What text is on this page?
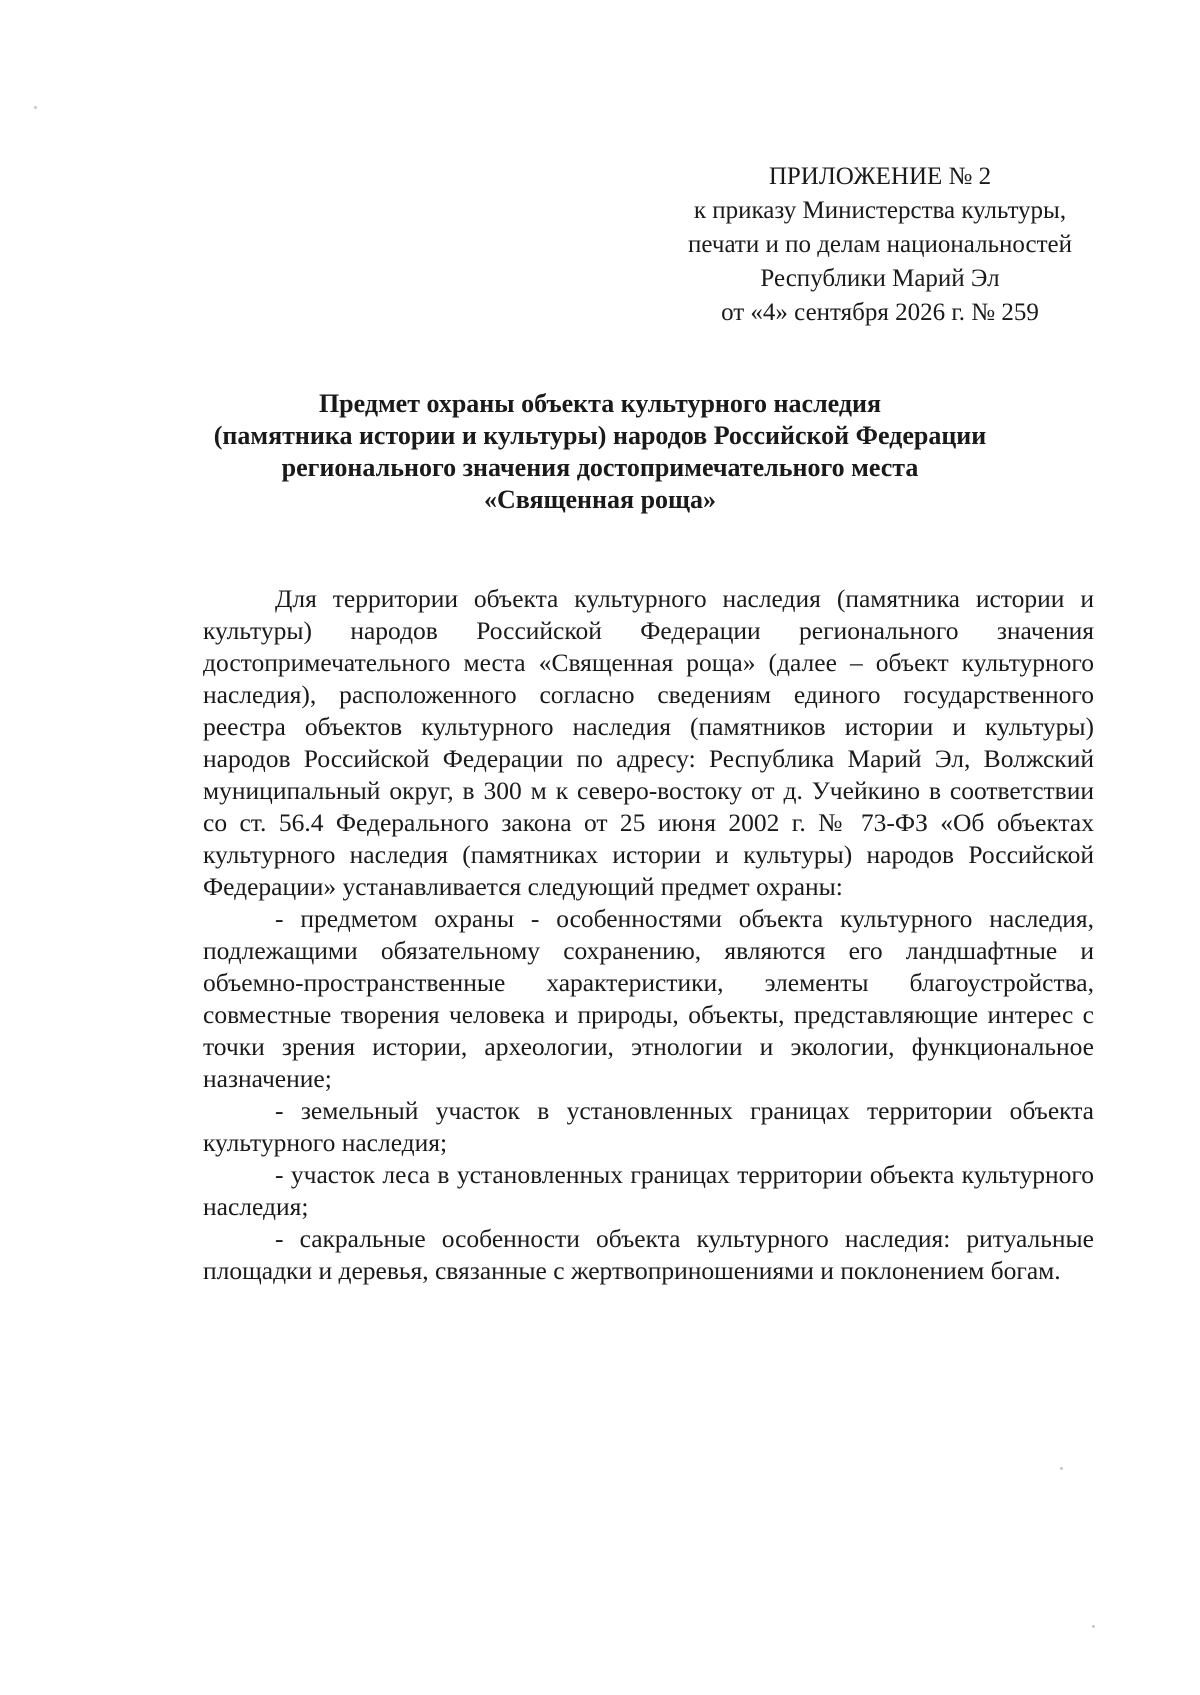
ПРИЛОЖЕНИЕ № 2
к приказу Министерства культуры,
печати и по делам национальностей
Республики Марий Эл
от «4» сентября 2026 г. № 259
Предмет охраны объекта культурного наследия
(памятника истории и культуры) народов Российской Федерации
регионального значения достопримечательного места
«Священная роща»

Для территории объекта культурного наследия (памятника истории и культуры) народов Российской Федерации регионального значения достопримечательного места «Священная роща» (далее – объект культурного наследия), расположенного согласно сведениям единого государственного реестра объектов культурного наследия (памятников истории и культуры) народов Российской Федерации по адресу: Республика Марий Эл, Волжский муниципальный округ, в 300 м к северо-востоку от д. Учейкино в соответствии со ст. 56.4 Федерального закона от 25 июня 2002 г. № 73-ФЗ «Об объектах культурного наследия (памятниках истории и культуры) народов Российской Федерации» устанавливается следующий предмет охраны:

- предметом охраны - особенностями объекта культурного наследия, подлежащими обязательному сохранению, являются его ландшафтные и объемно-пространственные характеристики, элементы благоустройства, совместные творения человека и природы, объекты, представляющие интерес с точки зрения истории, археологии, этнологии и экологии, функциональное назначение;

- земельный участок в установленных границах территории объекта культурного наследия;

- участок леса в установленных границах территории объекта культурного наследия;

- сакральные особенности объекта культурного наследия: ритуальные площадки и деревья, связанные с жертвоприношениями и поклонением богам.
